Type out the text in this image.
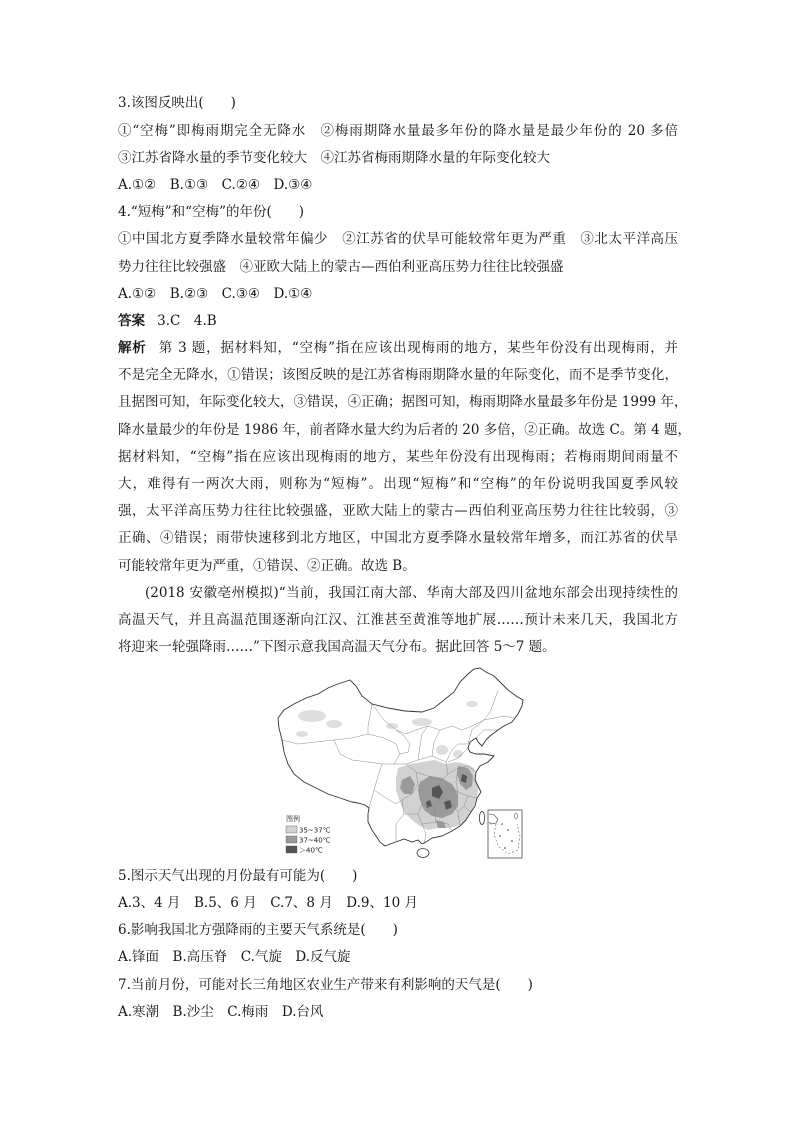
3.该图反映出(　　)
①“空梅”即梅雨期完全无降水　②梅雨期降水量最多年份的降水量是最少年份的 20 多倍
③江苏省降水量的季节变化较大　④江苏省梅雨期降水量的年际变化较大
A.①②　B.①③　C.②④　D.③④
4.“短梅”和“空梅”的年份(　　)
①中国北方夏季降水量较常年偏少　②江苏省的伏旱可能较常年更为严重　③北太平洋高压
势力往往比较强盛　④亚欧大陆上的蒙古—西伯利亚高压势力往往比较强盛
A.①②　B.②③　C.③④　D.①④
答案 3.C　4.B
解析 第 3 题，据材料知，“空梅”指在应该出现梅雨的地方，某些年份没有出现梅雨，并
不是完全无降水，①错误；该图反映的是江苏省梅雨期降水量的年际变化，而不是季节变化，
且据图可知，年际变化较大，③错误，④正确；据图可知，梅雨期降水量最多年份是 1999 年，
降水量最少的年份是 1986 年，前者降水量大约为后者的 20 多倍，②正确。故选 C。第 4 题，
据材料知，“空梅”指在应该出现梅雨的地方，某些年份没有出现梅雨；若梅雨期间雨量不
大，难得有一两次大雨，则称为“短梅”。出现“短梅”和“空梅”的年份说明我国夏季风较
强，太平洋高压势力往往比较强盛，亚欧大陆上的蒙古—西伯利亚高压势力往往比较弱，③
正确、④错误；雨带快速移到北方地区，中国北方夏季降水量较常年增多，而江苏省的伏旱
可能较常年更为严重，①错误、②正确。故选 B。
(2018 安徽亳州模拟)“当前，我国江南大部、华南大部及四川盆地东部会出现持续性的
高温天气，并且高温范围逐渐向江汉、江淮甚至黄淮等地扩展……预计未来几天，我国北方
将迎来一轮强降雨……”下图示意我国高温天气分布。据此回答 5～7 题。
图例
35~37℃
37~40℃
＞40℃
5.图示天气出现的月份最有可能为(　　)
A.3、4 月　B.5、6 月　C.7、8 月　D.9、10 月
6.影响我国北方强降雨的主要天气系统是(　　)
A.锋面　B.高压脊　C.气旋　D.反气旋
7.当前月份，可能对长三角地区农业生产带来有利影响的天气是(　　)
A.寒潮　B.沙尘　C.梅雨　D.台风
